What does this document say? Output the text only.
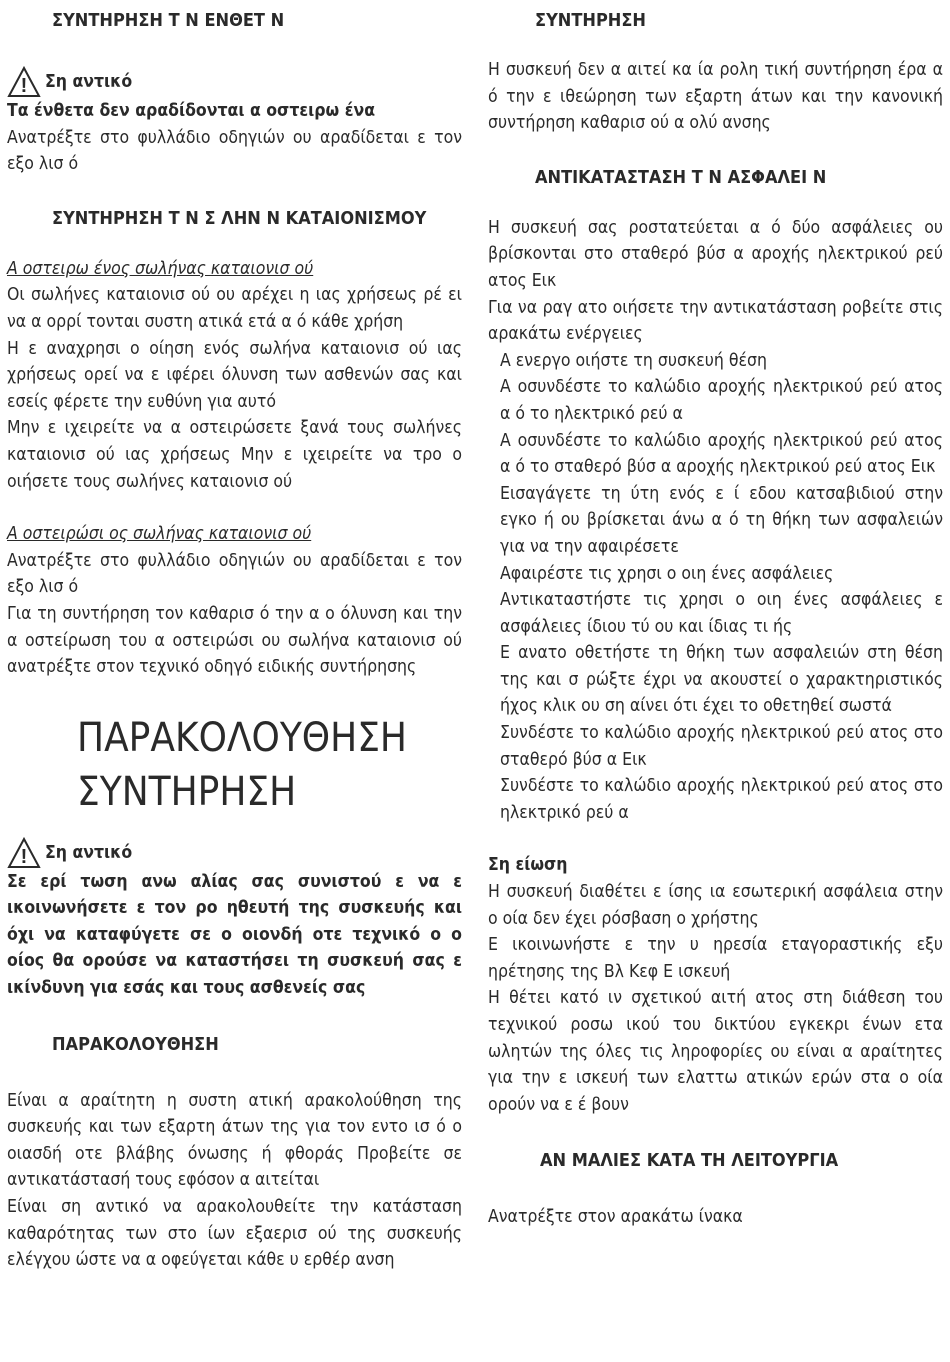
ΣΥΝΤΗΡΗΣΗ Τ Ν ΕΝΘΕΤ Ν
! Ση αντικό

Τα ένθετα δεν αραδίδονται α οστειρω ένα

Ανατρέξτε στο φυλλάδιο οδηγιών ου αραδίδεται ε τον εξο λισ ό

ΣΥΝΤΗΡΗΣΗ Τ Ν Σ ΛΗΝ Ν ΚΑΤΑΙΟΝΙΣΜΟΥ

Α οστειρω ένος σωλήνας καταιονισ ού

Οι σωλήνες καταιονισ ού ου αρέχει η ιας χρήσεως ρέ ει να α ορρί τονται συστη ατικά ετά α ό κάθε χρήση

Η ε αναχρησι ο οίηση ενός σωλήνα καταιονισ ού ιας χρήσεως ορεί να ε ιφέρει όλυνση των ασθενών σας και εσείς φέρετε την ευθύνη για αυτό

Μην ε ιχειρείτε να α οστειρώσετε ξανά τους σωλήνες καταιονισ ού ιας χρήσεως Μην ε ιχειρείτε να τρο ο οιήσετε τους σωλήνες καταιονισ ού

Α οστειρώσι ος σωλήνας καταιονισ ού

Ανατρέξτε στο φυλλάδιο οδηγιών ου αραδίδεται ε τον εξο λισ ό

Για τη συντήρηση τον καθαρισ ό την α ο όλυνση και την α οστείρωση του α οστειρώσι ου σωλήνα καταιονισ ού ανατρέξτε στον τεχνικό οδηγό ειδικής συντήρησης

ΠΑΡΑΚΟΛΟΥΘΗΣΗ
ΣΥΝΤΗΡΗΣΗ
! Ση αντικό

Σε ερί τωση ανω αλίας σας συνιστού ε να ε ικοινωνήσετε ε τον ρο ηθευτή της συσκευής και όχι να καταφύγετε σε ο οιονδή οτε τεχνικό ο ο οίος θα ορούσε να καταστήσει τη συσκευή σας ε ικίνδυνη για εσάς και τους ασθενείς σας

ΠΑΡΑΚΟΛΟΥΘΗΣΗ

Είναι α αραίτητη η συστη ατική αρακολούθηση της συσκευής και των εξαρτη άτων της για τον εντο ισ ό ο οιασδή οτε βλάβης όνωσης ή φθοράς Προβείτε σε αντικατάστασή τους εφόσον α αιτείται

Είναι ση αντικό να αρακολουθείτε την κατάσταση καθαρότητας των στο ίων εξαερισ ού της συσκευής ελέγχου ώστε να α οφεύγεται κάθε υ ερθέρ ανση

ΣΥΝΤΗΡΗΣΗ

Η συσκευή δεν α αιτεί κα ία ρολη τική συντήρηση έρα α ό την ε ιθεώρηση των εξαρτη άτων και την κανονική συντήρηση καθαρισ ού α ολύ ανσης

ΑΝΤΙΚΑΤΑΣΤΑΣΗ Τ Ν ΑΣΦΑΛΕΙ Ν

Η συσκευή σας ροστατεύεται α ό δύο ασφάλειες ου βρίσκονται στο σταθερό βύσ α αροχής ηλεκτρικού ρεύ ατος Εικ

Για να ραγ ατο οιήσετε την αντικατάσταση ροβείτε στις αρακάτω ενέργειες

Α ενεργο οιήστε τη συσκευή θέση

Α οσυνδέστε το καλώδιο αροχής ηλεκτρικού ρεύ ατος α ό το ηλεκτρικό ρεύ α

Α οσυνδέστε το καλώδιο αροχής ηλεκτρικού ρεύ ατος α ό το σταθερό βύσ α αροχής ηλεκτρικού ρεύ ατος Εικ

Εισαγάγετε τη ύτη ενός ε ί εδου κατσαβιδιού στην εγκο ή ου βρίσκεται άνω α ό τη θήκη των ασφαλειών για να την αφαιρέσετε

Αφαιρέστε τις χρησι ο οιη ένες ασφάλειες

Αντικαταστήστε τις χρησι ο οιη ένες ασφάλειες ε ασφάλειες ίδιου τύ ου και ίδιας τι ής

Ε ανατο οθετήστε τη θήκη των ασφαλειών στη θέση της και σ ρώξτε έχρι να ακουστεί ο χαρακτηριστικός ήχος κλικ ου ση αίνει ότι έχει το οθετηθεί σωστά

Συνδέστε το καλώδιο αροχής ηλεκτρικού ρεύ ατος στο σταθερό βύσ α Εικ

Συνδέστε το καλώδιο αροχής ηλεκτρικού ρεύ ατος στο ηλεκτρικό ρεύ α

Ση είωση

Η συσκευή διαθέτει ε ίσης ια εσωτερική ασφάλεια στην ο οία δεν έχει ρόσβαση ο χρήστης

Ε ικοινωνήστε ε την υ ηρεσία εταγοραστικής εξυ ηρέτησης της Βλ Κεφ Ε ισκευή

Η θέτει κατό ιν σχετικού αιτή ατος στη διάθεση του τεχνικού ροσω ικού του δικτύου εγκεκρι ένων ετα ωλητών της όλες τις ληροφορίες ου είναι α αραίτητες για την ε ισκευή των ελαττω ατικών ερών στα ο οία ορούν να ε έ βουν

ΑΝ ΜΑΛΙΕΣ ΚΑΤΑ ΤΗ ΛΕΙΤΟΥΡΓΙΑ

Ανατρέξτε στον αρακάτω ίνακα
